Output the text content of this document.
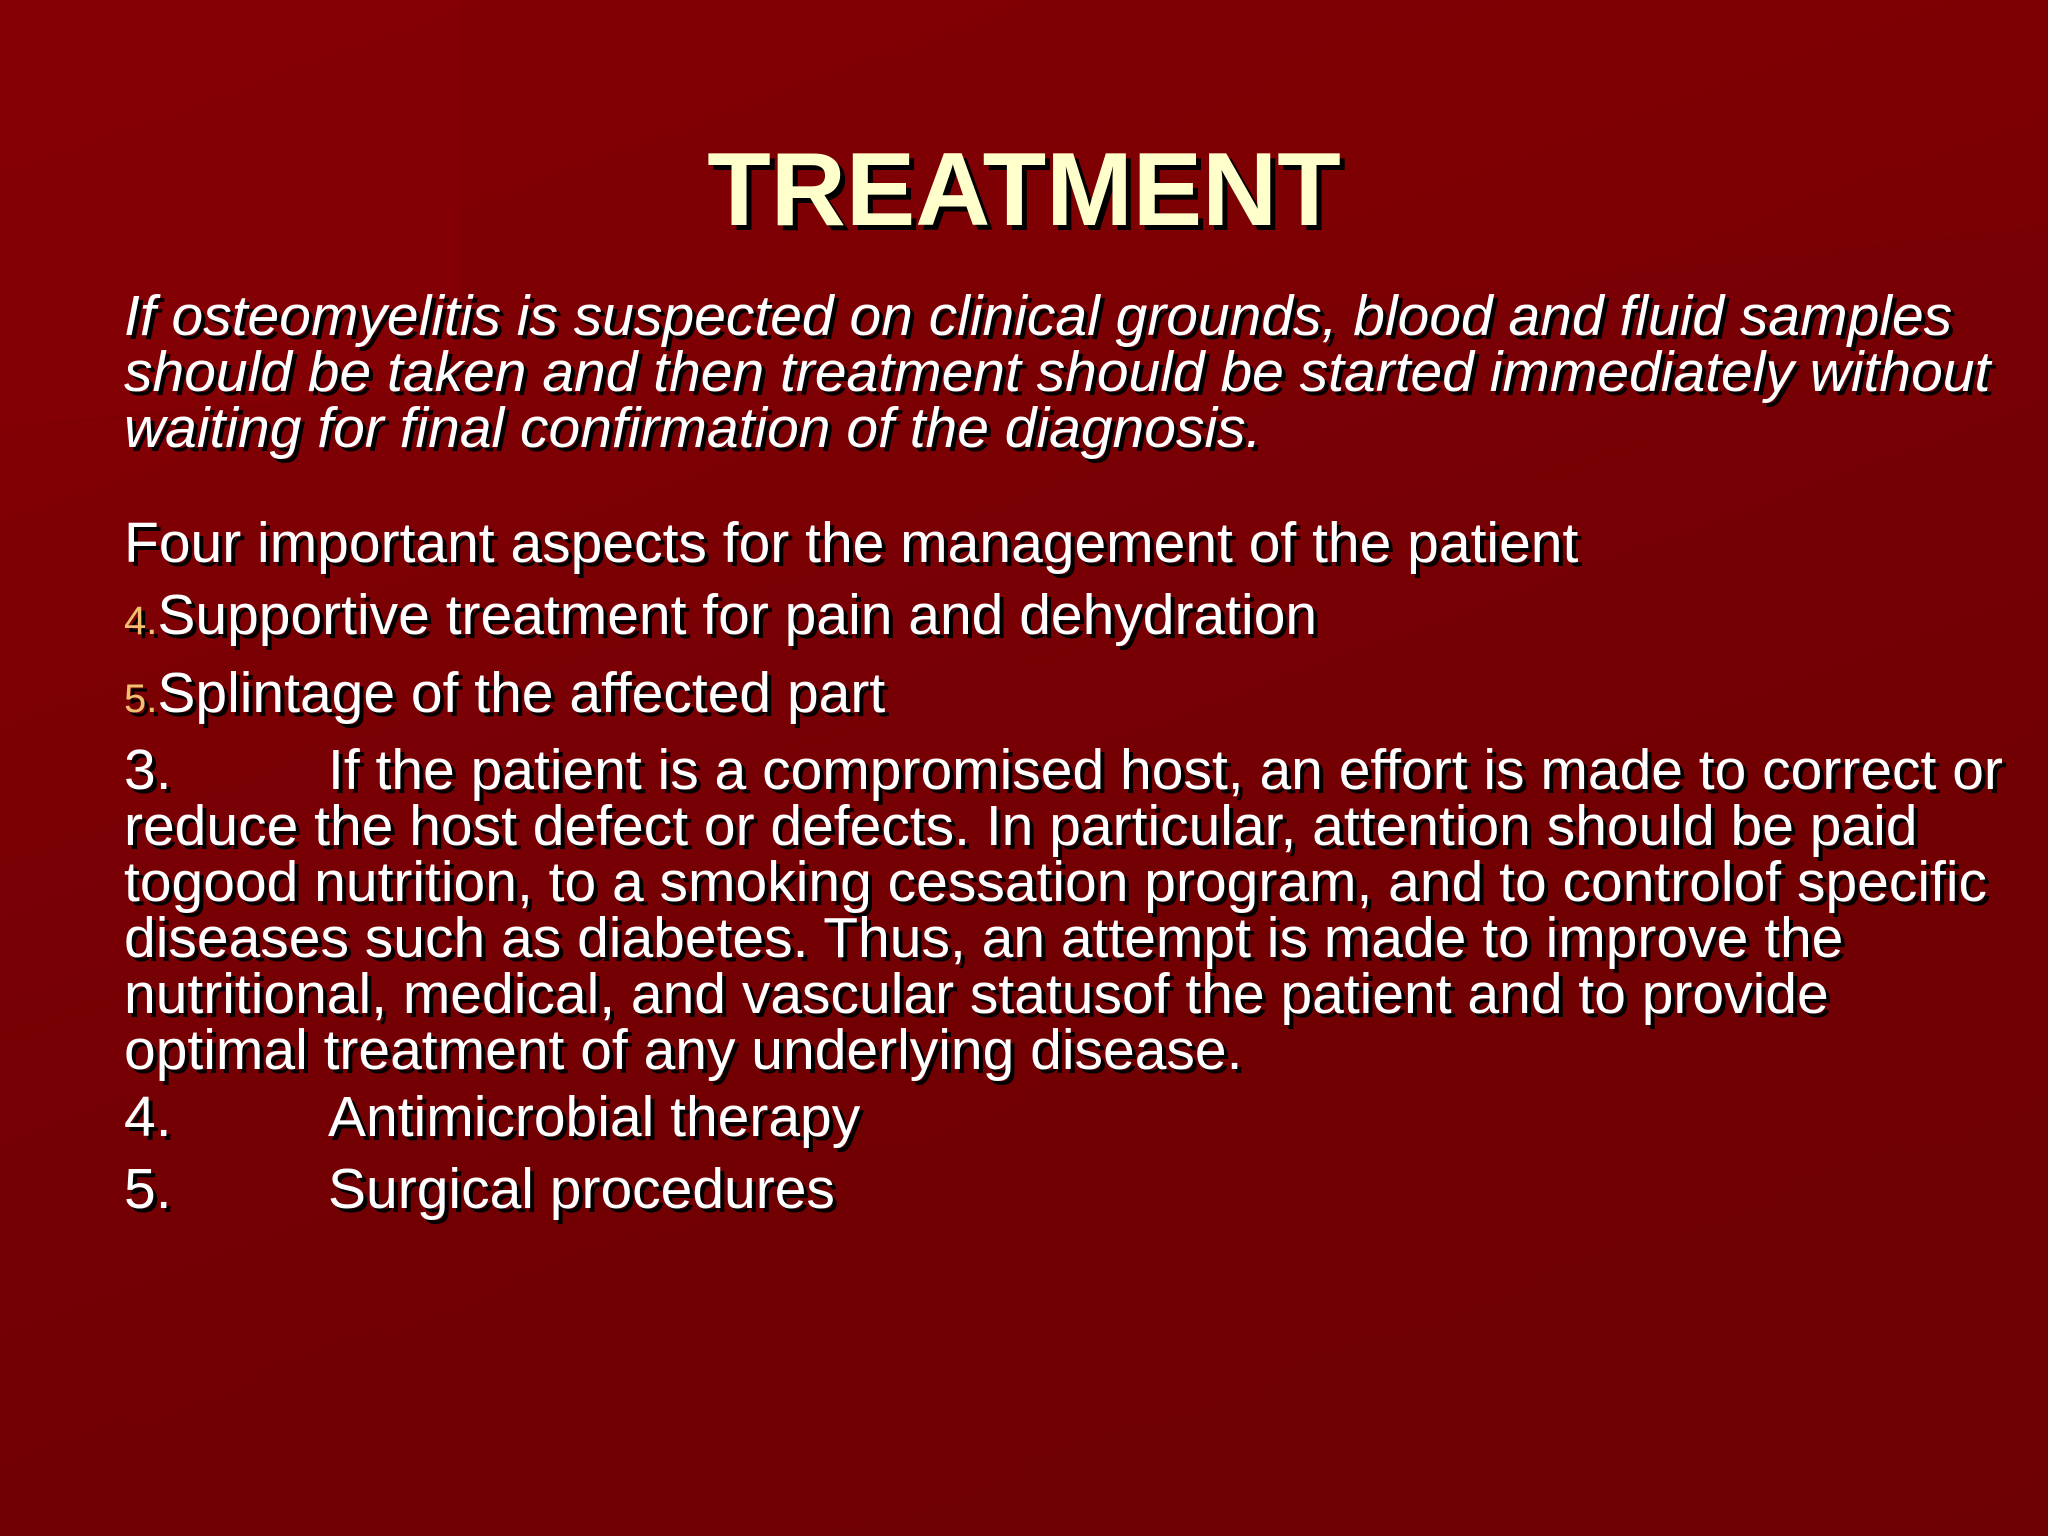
TREATMENT

If osteomyelitis is suspected on clinical grounds, blood and fluid samples should be taken and then treatment should be started immediately without waiting for final confirmation of the diagnosis.

Four important aspects for the management of the patient

4.Supportive treatment for pain and dehydration
5.Splintage of the affected part
3.	If the patient is a compromised host, an effort is made to correct or reduce the host defect or defects. In particular, attention should be paid togood nutrition, to a smoking cessation program, and to controlof specific diseases such as diabetes. Thus, an attempt is made to improve the nutritional, medical, and vascular statusof the patient and to provide optimal treatment of any underlying disease.
4.	Antimicrobial therapy
5.	Surgical procedures
